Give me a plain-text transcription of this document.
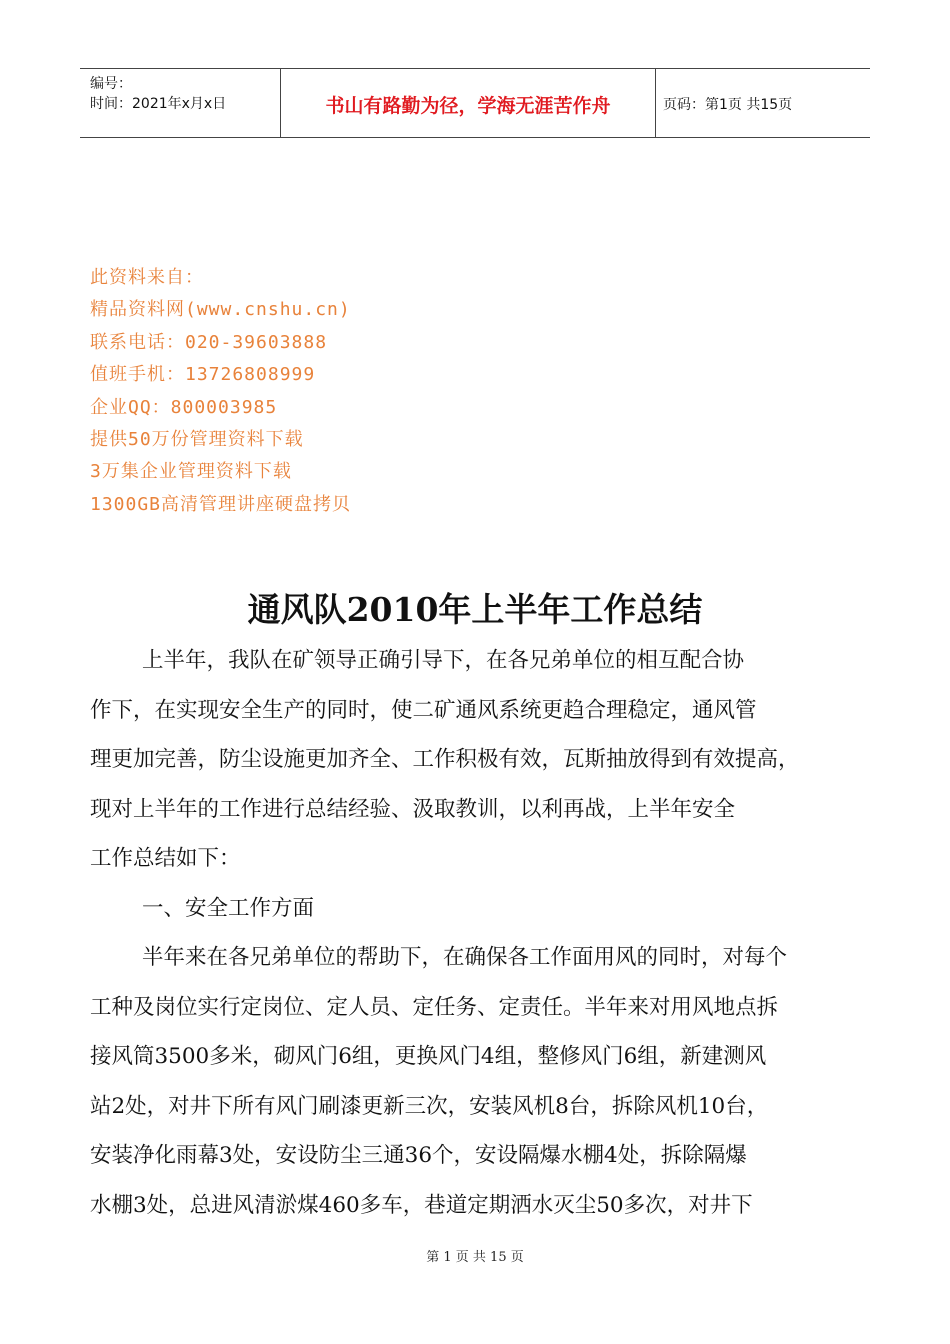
编号：
时间：2021年x月x日	书山有路勤为径，学海无涯苦作舟	页码：第1页 共15页
此资料来自：
精品资料网(www.cnshu.cn)
联系电话：020-39603888
值班手机：13726808999
企业QQ：800003985
提供50万份管理资料下载
3万集企业管理资料下载
1300GB高清管理讲座硬盘拷贝
通风队2010年上半年工作总结
上半年，我队在矿领导正确引导下，在各兄弟单位的相互配合协
作下，在实现安全生产的同时，使二矿通风系统更趋合理稳定，通风管
理更加完善，防尘设施更加齐全、工作积极有效，瓦斯抽放得到有效提高，
现对上半年的工作进行总结经验、汲取教训，以利再战，上半年安全
工作总结如下：
一、安全工作方面
半年来在各兄弟单位的帮助下，在确保各工作面用风的同时，对每个
工种及岗位实行定岗位、定人员、定任务、定责任。半年来对用风地点拆
接风筒3500多米，砌风门6组，更换风门4组，整修风门6组，新建测风
站2处，对井下所有风门刷漆更新三次，安装风机8台，拆除风机10台，
安装净化雨幕3处，安设防尘三通36个，安设隔爆水棚4处，拆除隔爆
水棚3处，总进风清淤煤460多车，巷道定期洒水灭尘50多次，对井下
第 1 页 共 15 页
